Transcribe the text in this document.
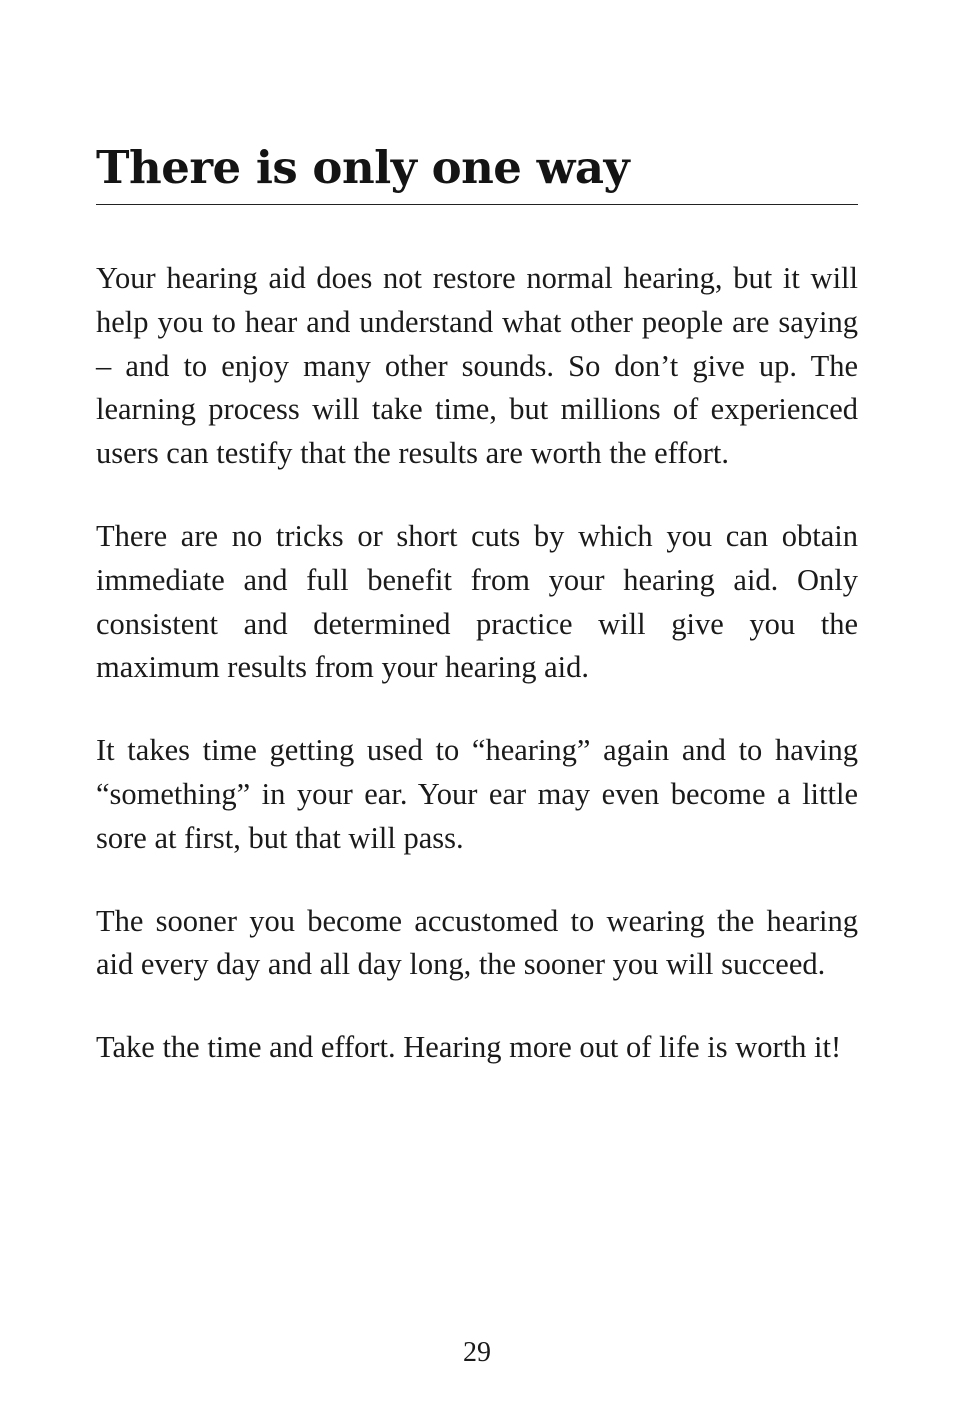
There is only one way

Your hearing aid does not restore normal hearing, but it will help you to hear and understand what other people are saying – and to enjoy many other sounds. So don’t give up. The learning process will take time, but millions of experienced users can testify that the results are worth the effort.

There are no tricks or short cuts by which you can obtain immediate and full benefit from your hearing aid. Only consistent and determined practice will give you the maximum results from your hearing aid.

It takes time getting used to “hearing” again and to having “something” in your ear. Your ear may even become a little sore at first, but that will pass.

The sooner you become accustomed to wearing the hearing aid every day and all day long, the sooner you will succeed.

Take the time and effort. Hearing more out of life is worth it!

29
